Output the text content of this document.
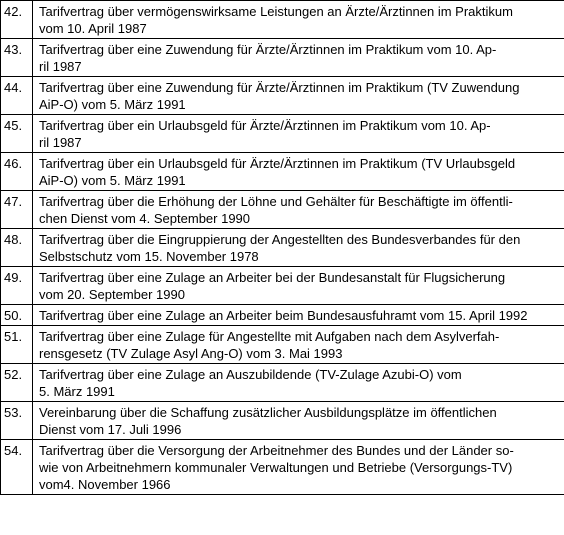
42.	Tarifvertrag über vermögenswirksame Leistungen an Ärzte/Ärztinnen im Praktikum
vom 10. April 1987

43.	Tarifvertrag über eine Zuwendung für Ärzte/Ärztinnen im Praktikum vom 10. Ap-
ril 1987

44.	Tarifvertrag über eine Zuwendung für Ärzte/Ärztinnen im Praktikum (TV Zuwendung
AiP-O) vom 5. März 1991

45.	Tarifvertrag über ein Urlaubsgeld für Ärzte/Ärztinnen im Praktikum vom 10. Ap-
ril 1987

46.	Tarifvertrag über ein Urlaubsgeld für Ärzte/Ärztinnen im Praktikum (TV Urlaubsgeld
AiP-O) vom 5. März 1991

47.	Tarifvertrag über die Erhöhung der Löhne und Gehälter für Beschäftigte im öffentli-
chen Dienst vom 4. September 1990

48.	Tarifvertrag über die Eingruppierung der Angestellten des Bundesverbandes für den
Selbstschutz vom 15. November 1978

49.	Tarifvertrag über eine Zulage an Arbeiter bei der Bundesanstalt für Flugsicherung
vom 20. September 1990

50.	Tarifvertrag über eine Zulage an Arbeiter beim Bundesausfuhramt vom 15. April 1992

51.	Tarifvertrag über eine Zulage für Angestellte mit Aufgaben nach dem Asylverfah-
rensgesetz (TV Zulage Asyl Ang-O) vom 3. Mai 1993

52.	Tarifvertrag über eine Zulage an Auszubildende (TV-Zulage Azubi-O) vom
5. März 1991

53.	Vereinbarung über die Schaffung zusätzlicher Ausbildungsplätze im öffentlichen
Dienst vom 17. Juli 1996

54.	Tarifvertrag über die Versorgung der Arbeitnehmer des Bundes und der Länder so-
wie von Arbeitnehmern kommunaler Verwaltungen und Betriebe (Versorgungs-TV)
vom4. November 1966
